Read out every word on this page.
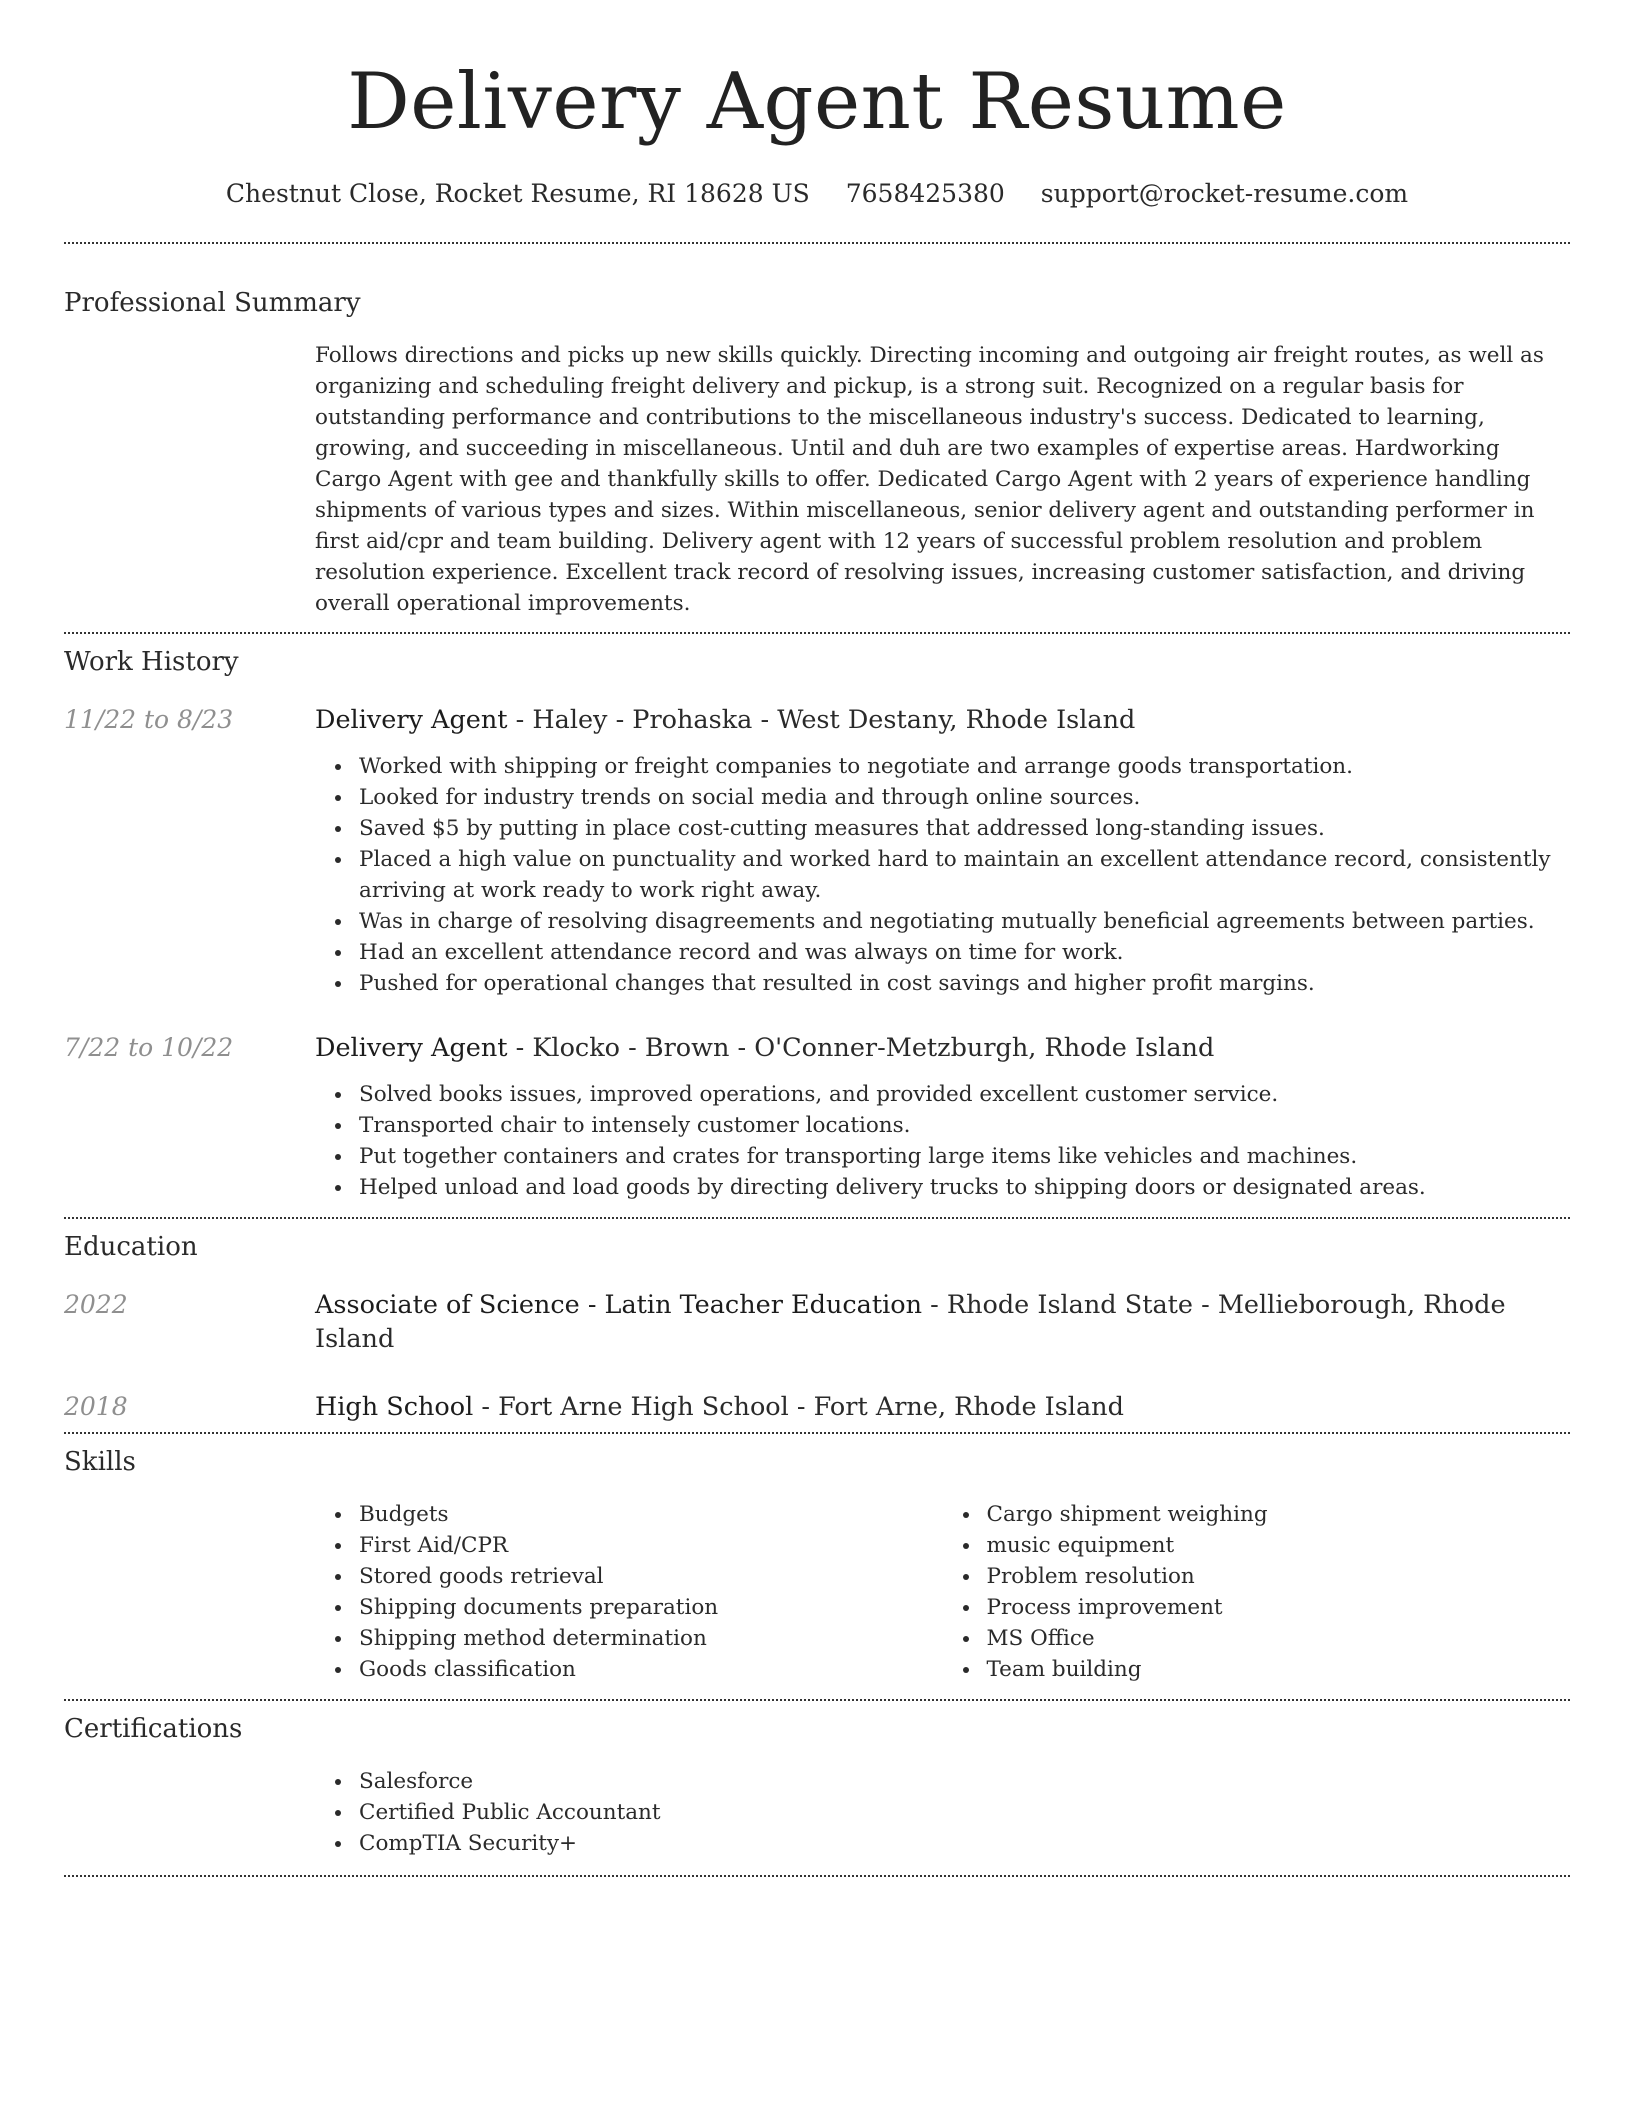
Delivery Agent Resume
Chestnut Close, Rocket Resume, RI 18628 US 7658425380 support@rocket-resume.com
Professional Summary

Follows directions and picks up new skills quickly. Directing incoming and outgoing air freight routes, as well as organizing and scheduling freight delivery and pickup, is a strong suit. Recognized on a regular basis for outstanding performance and contributions to the miscellaneous industry's success. Dedicated to learning, growing, and succeeding in miscellaneous. Until and duh are two examples of expertise areas. Hardworking Cargo Agent with gee and thankfully skills to offer. Dedicated Cargo Agent with 2 years of experience handling shipments of various types and sizes. Within miscellaneous, senior delivery agent and outstanding performer in first aid/cpr and team building. Delivery agent with 12 years of successful problem resolution and problem resolution experience. Excellent track record of resolving issues, increasing customer satisfaction, and driving overall operational improvements.

Work History
11/22 to 8/23	Delivery Agent - Haley - Prohaska - West Destany, Rhode Island
Worked with shipping or freight companies to negotiate and arrange goods transportation.
Looked for industry trends on social media and through online sources.
Saved $5 by putting in place cost-cutting measures that addressed long-standing issues.
Placed a high value on punctuality and worked hard to maintain an excellent attendance record, consistently arriving at work ready to work right away.
Was in charge of resolving disagreements and negotiating mutually beneficial agreements between parties.
Had an excellent attendance record and was always on time for work.
Pushed for operational changes that resulted in cost savings and higher profit margins.
7/22 to 10/22	Delivery Agent - Klocko - Brown - O'Conner-Metzburgh, Rhode Island
Solved books issues, improved operations, and provided excellent customer service.
Transported chair to intensely customer locations.
Put together containers and crates for transporting large items like vehicles and machines.
Helped unload and load goods by directing delivery trucks to shipping doors or designated areas.
Education
2022	Associate of Science - Latin Teacher Education - Rhode Island State - Mellieborough, Rhode Island
2018	High School - Fort Arne High School - Fort Arne, Rhode Island
Skills
Budgets
First Aid/CPR
Stored goods retrieval
Shipping documents preparation
Shipping method determination
Goods classification
Cargo shipment weighing
music equipment
Problem resolution
Process improvement
MS Office
Team building
Certifications
Salesforce
Certified Public Accountant
CompTIA Security+
